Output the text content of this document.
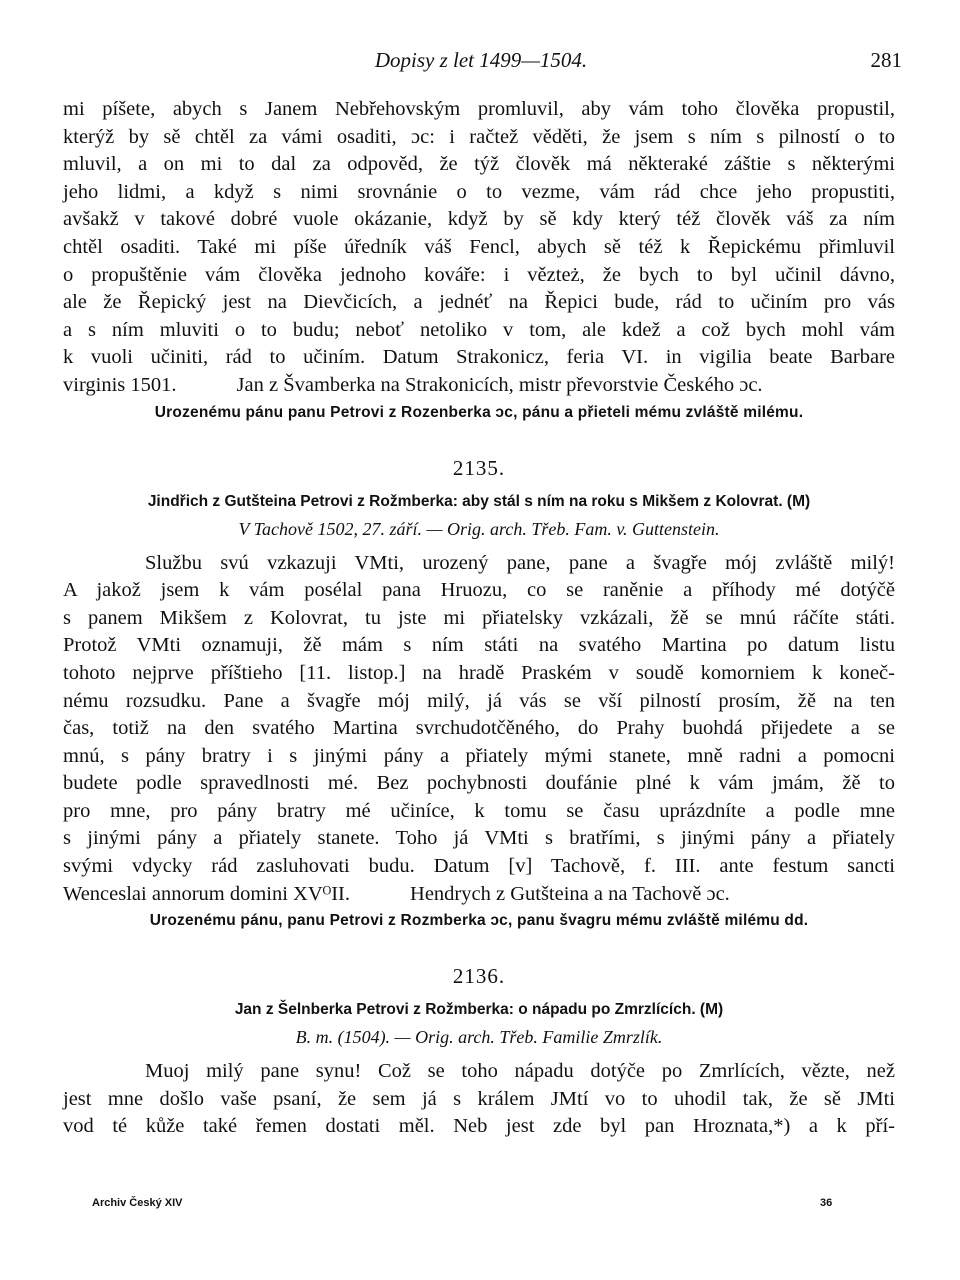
Dopisy z let 1499—1504.	281
mi píšete, abych s Janem Nebřehovským promluvil, aby vám toho člověka propustil,
kterýž by sě chtěl za vámi osaditi, ɔc: i račtež věděti, že jsem s ním s pilností o to
mluvil, a on mi to dal za odpověd, že týž člověk má některaké záštie s některými
jeho lidmi, a když s nimi srovnánie o to vezme, vám rád chce jeho propustiti,
avšakž v takové dobré vuole okázanie, když by sě kdy který též člověk váš za ním
chtěl osaditi. Také mi píše úředník váš Fencl, abych sě též k Řepickému přimluvil
o propuštěnie vám člověka jednoho kováře: i vězteż, že bych to byl učinil dávno,
ale že Řepický jest na Dievčicích, a jednéť na Řepici bude, rád to učiním pro vás
a s ním mluviti o to budu; neboť netoliko v tom, ale kdež a což bych mohl vám
k vuoli učiniti, rád to učiním. Datum Strakonicz, feria VI. in vigilia beate Barbare
virginis 1501.	Jan z Švamberka na Strakonicích, mistr převorstvie Českého ɔc.

Urozenému pánu panu Petrovi z Rozenberka ɔc, pánu a přieteli mému zvláště milému.

2135.

Jindřich z Gutšteina Petrovi z Rožmberka: aby stál s ním na roku s Mikšem z Kolovrat. (M)

V Tachově 1502, 27. září. — Orig. arch. Třeb. Fam. v. Guttenstein.

Službu svú vzkazuji VMti, urozený pane, pane a švagře mój zvláště milý!
A jakož jsem k vám posélal pana Hruozu, co se raněnie a příhody mé dotýčě
s panem Mikšem z Kolovrat, tu jste mi přiatelsky vzkázali, žě se mnú ráčíte státi.
Protož VMti oznamuji, žě mám s ním státi na svatého Martina po datum listu
tohoto nejprve příštieho [11. listop.] na hradě Praském v soudě komorniem k koneč-
nému rozsudku. Pane a švagře mój milý, já vás se vší pilností prosím, žě na ten
čas, totiž na den svatého Martina svrchudotčěného, do Prahy buohdá přijedete a se
mnú, s pány bratry i s jinými pány a přiately mými stanete, mně radni a pomocni
budete podle spravedlnosti mé. Bez pochybnosti doufánie plné k vám jmám, žě to
pro mne, pro pány bratry mé učiníce, k tomu se času uprázdníte a podle mne
s jinými pány a přiately stanete. Toho já VMti s bratřími, s jinými pány a přiately
svými vdycky rád zasluhovati budu. Datum [v] Tachově, f. III. ante festum sancti
Wenceslai annorum domini XVᴼII.	Hendrych z Gutšteina a na Tachově ɔc.

Urozenému pánu, panu Petrovi z Rozmberka ɔc, panu švagru mému zvláště milému dd.

2136.

Jan z Šelnberka Petrovi z Rožmberka: o nápadu po Zmrzlících. (M)

B. m. (1504). — Orig. arch. Třeb. Familie Zmrzlík.

Muoj milý pane synu! Což se toho nápadu dotýče po Zmrlících, vězte, než
jest mne došlo vaše psaní, že sem já s králem JMtí vo to uhodil tak, že sě JMti
vod té kůže také řemen dostati měl. Neb jest zde byl pan Hroznata,*) a k pří-
Archiv Český XIV	36
